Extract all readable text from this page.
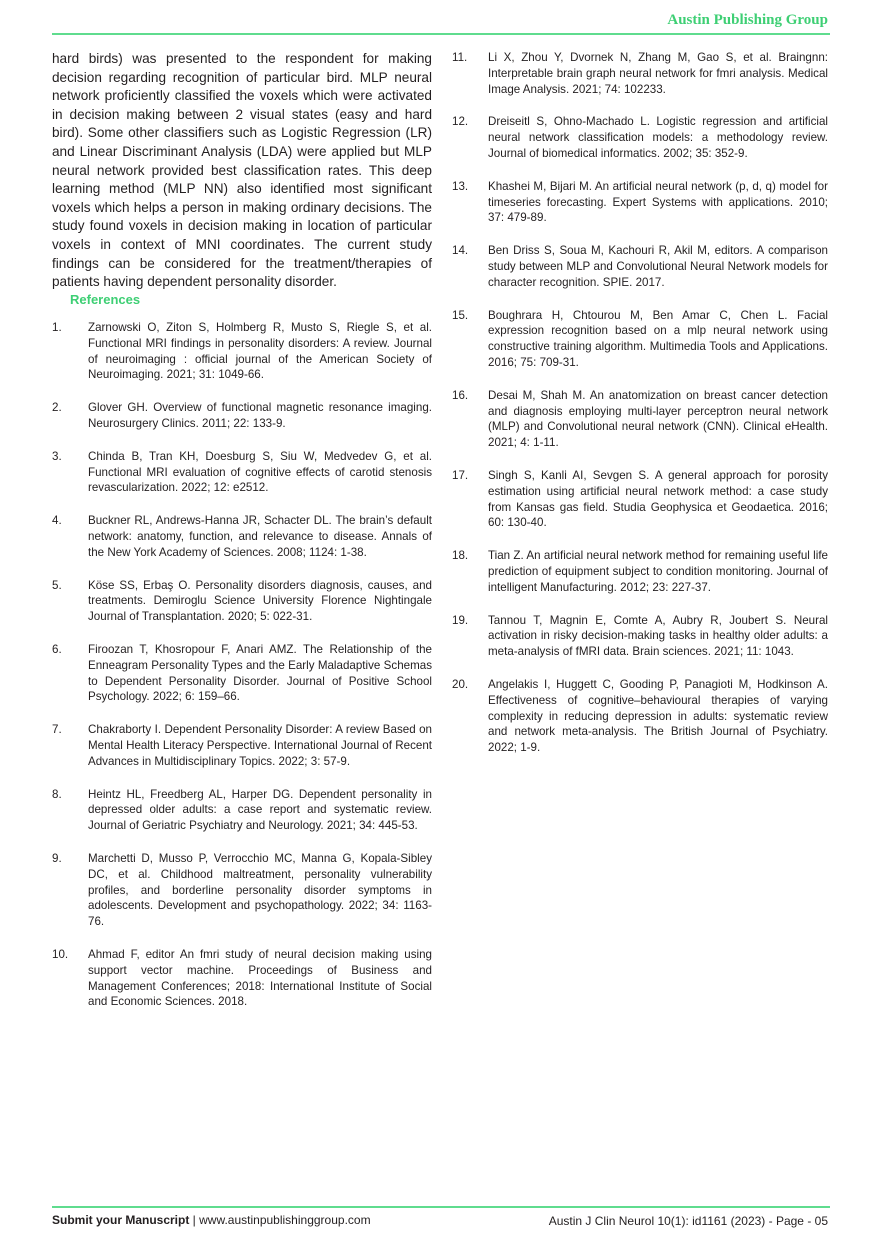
Austin Publishing Group

hard birds) was presented to the respondent for making decision regarding recognition of particular bird. MLP neural network proficiently classified the voxels which were activated in decision making between 2 visual states (easy and hard bird). Some other classifiers such as Logistic Regression (LR) and Linear Discriminant Analysis (LDA) were applied but MLP neural network provided best classification rates. This deep learning method (MLP NN) also identified most significant voxels which helps a person in making ordinary decisions. The study found voxels in decision making in location of particular voxels in context of MNI coordinates. The current study findings can be considered for the treatment/therapies of patients having dependent personality disorder.

References
1. Zarnowski O, Ziton S, Holmberg R, Musto S, Riegle S, et al. Functional MRI findings in personality disorders: A review. Journal of neuroimaging : official journal of the American Society of Neuroimaging. 2021; 31: 1049-66.
2. Glover GH. Overview of functional magnetic resonance imaging. Neurosurgery Clinics. 2011; 22: 133-9.
3. Chinda B, Tran KH, Doesburg S, Siu W, Medvedev G, et al. Functional MRI evaluation of cognitive effects of carotid stenosis revascularization. 2022; 12: e2512.
4. Buckner RL, Andrews-Hanna JR, Schacter DL. The brain’s default network: anatomy, function, and relevance to disease. Annals of the New York Academy of Sciences. 2008; 1124: 1-38.
5. Köse SS, Erbaş O. Personality disorders diagnosis, causes, and treatments. Demiroglu Science University Florence Nightingale Journal of Transplantation. 2020; 5: 022-31.
6. Firoozan T, Khosropour F, Anari AMZ. The Relationship of the Enneagram Personality Types and the Early Maladaptive Schemas to Dependent Personality Disorder. Journal of Positive School Psychology. 2022; 6: 159–66.
7. Chakraborty I. Dependent Personality Disorder: A review Based on Mental Health Literacy Perspective. International Journal of Recent Advances in Multidisciplinary Topics. 2022; 3: 57-9.
8. Heintz HL, Freedberg AL, Harper DG. Dependent personality in depressed older adults: a case report and systematic review. Journal of Geriatric Psychiatry and Neurology. 2021; 34: 445-53.
9. Marchetti D, Musso P, Verrocchio MC, Manna G, Kopala-Sibley DC, et al. Childhood maltreatment, personality vulnerability profiles, and borderline personality disorder symptoms in adolescents. Development and psychopathology. 2022; 34: 1163-76.
10. Ahmad F, editor An fmri study of neural decision making using support vector machine. Proceedings of Business and Management Conferences; 2018: International Institute of Social and Economic Sciences. 2018.
11. Li X, Zhou Y, Dvornek N, Zhang M, Gao S, et al. Braingnn: Interpretable brain graph neural network for fmri analysis. Medical Image Analysis. 2021; 74: 102233.
12. Dreiseitl S, Ohno-Machado L. Logistic regression and artificial neural network classification models: a methodology review. Journal of biomedical informatics. 2002; 35: 352-9.
13. Khashei M, Bijari M. An artificial neural network (p, d, q) model for timeseries forecasting. Expert Systems with applications. 2010; 37: 479-89.
14. Ben Driss S, Soua M, Kachouri R, Akil M, editors. A comparison study between MLP and Convolutional Neural Network models for character recognition. SPIE. 2017.
15. Boughrara H, Chtourou M, Ben Amar C, Chen L. Facial expression recognition based on a mlp neural network using constructive training algorithm. Multimedia Tools and Applications. 2016; 75: 709-31.
16. Desai M, Shah M. An anatomization on breast cancer detection and diagnosis employing multi-layer perceptron neural network (MLP) and Convolutional neural network (CNN). Clinical eHealth. 2021; 4: 1-11.
17. Singh S, Kanli AI, Sevgen S. A general approach for porosity estimation using artificial neural network method: a case study from Kansas gas field. Studia Geophysica et Geodaetica. 2016; 60: 130-40.
18. Tian Z. An artificial neural network method for remaining useful life prediction of equipment subject to condition monitoring. Journal of intelligent Manufacturing. 2012; 23: 227-37.
19. Tannou T, Magnin E, Comte A, Aubry R, Joubert S. Neural activation in risky decision-making tasks in healthy older adults: a meta-analysis of fMRI data. Brain sciences. 2021; 11: 1043.
20. Angelakis I, Huggett C, Gooding P, Panagioti M, Hodkinson A. Effectiveness of cognitive–behavioural therapies of varying complexity in reducing depression in adults: systematic review and network meta-analysis. The British Journal of Psychiatry. 2022; 1-9.
Submit your Manuscript | www.austinpublishinggroup.com	Austin J Clin Neurol 10(1): id1161 (2023) - Page - 05
